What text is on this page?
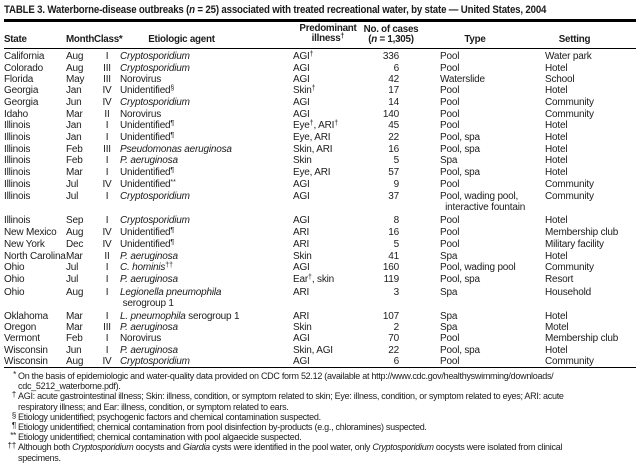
TABLE 3. Waterborne-disease outbreaks (n = 25) associated with treated recreational water, by state — United States, 2004
State	Month	Class*	Etiologic agent	Predominant
illness†	No. of cases
(n = 1,305)	Type	Setting
California	Aug	I	Cryptosporidium	AGI†	336	Pool	Water park
Colorado	Aug	III	Cryptosporidium	AGI	6	Pool	Hotel
Florida	May	III	Norovirus	AGI	42	Waterslide	School
Georgia	Jan	IV	Unidentified§	Skin†	17	Pool	Hotel
Georgia	Jun	IV	Cryptosporidium	AGI	14	Pool	Community
Idaho	Mar	II	Norovirus	AGI	140	Pool	Community
Illinois	Jan	I	Unidentified¶	Eye†, ARI†	45	Pool	Hotel
Illinois	Jan	I	Unidentified¶	Eye, ARI	22	Pool, spa	Hotel
Illinois	Feb	III	Pseudomonas aeruginosa	Skin, ARI	16	Pool, spa	Hotel
Illinois	Feb	I	P. aeruginosa	Skin	5	Spa	Hotel
Illinois	Mar	I	Unidentified¶	Eye, ARI	57	Pool, spa	Hotel
Illinois	Jul	IV	Unidentified**	AGI	9	Pool	Community
Illinois	Jul	I	Cryptosporidium	AGI	37	Pool, wading pool,
interactive fountain	Community
Illinois	Sep	I	Cryptosporidium	AGI	8	Pool	Hotel
New Mexico	Aug	IV	Unidentified¶	ARI	16	Pool	Membership club
New York	Dec	IV	Unidentified¶	ARI	5	Pool	Military facility
North Carolina	Mar	II	P. aeruginosa	Skin	41	Spa	Hotel
Ohio	Jul	I	C. hominis††	AGI	160	Pool, wading pool	Community
Ohio	Jul	I	P. aeruginosa	Ear†, skin	119	Pool, spa	Resort
Ohio	Aug	I	Legionella pneumophila
serogroup 1	ARI	3	Spa	Household
Oklahoma	Mar	I	L. pneumophila serogroup 1	ARI	107	Spa	Hotel
Oregon	Mar	III	P. aeruginosa	Skin	2	Spa	Motel
Vermont	Feb	I	Norovirus	AGI	70	Pool	Membership club
Wisconsin	Jun	I	P. aeruginosa	Skin, AGI	22	Pool, spa	Hotel
Wisconsin	Aug	IV	Cryptosporidium	AGI	6	Pool	Community
* On the basis of epidemiologic and water-quality data provided on CDC form 52.12 (available at http://www.cdc.gov/healthyswimming/downloads/
cdc_5212_waterborne.pdf).
† AGI: acute gastrointestinal illness; Skin: illness, condition, or symptom related to skin; Eye: illness, condition, or symptom related to eyes; ARI: acute
respiratory illness; and Ear: illness, condition, or symptom related to ears.
§ Etiology unidentified; psychogenic factors and chemical contamination suspected.
¶ Etiology unidentified; chemical contamination from pool disinfection by-products (e.g., chloramines) suspected.
** Etiology unidentified; chemical contamination with pool algaecide suspected.
†† Although both Cryptosporidium oocysts and Giardia cysts were identified in the pool water, only Cryptosporidium oocysts were isolated from clinical
specimens.
